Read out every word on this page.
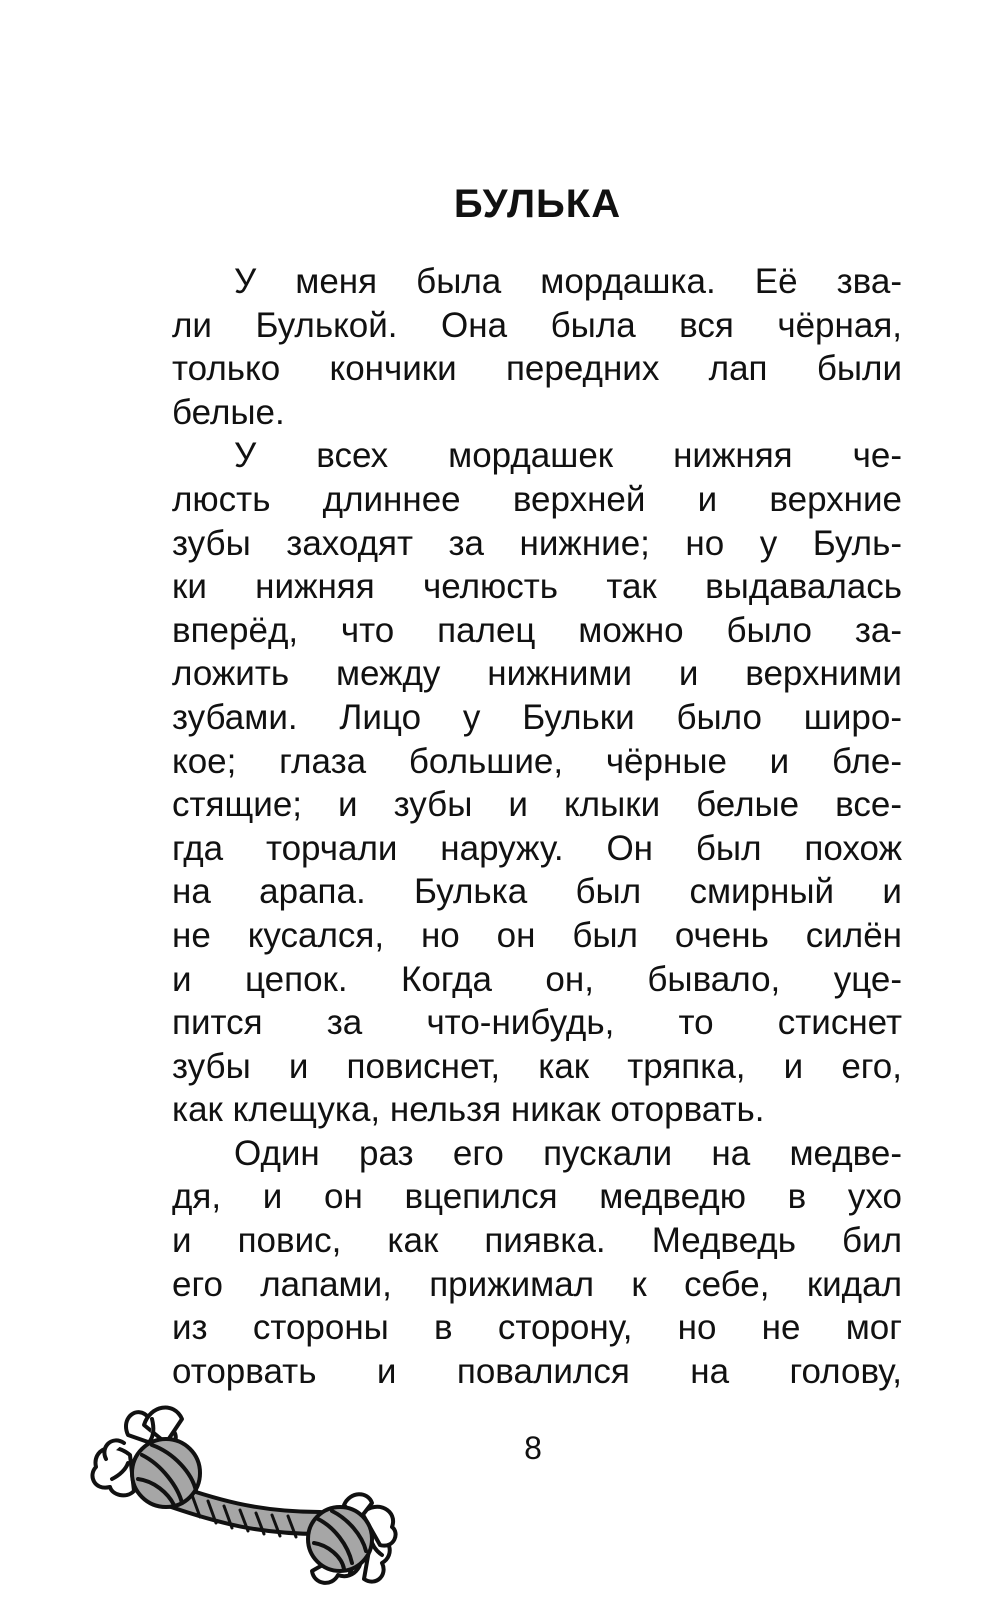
БУЛЬКА
У меня была мордашка. Её зва-
ли Булькой. Она была вся чёрная,
только кончики передних лап были
белые.
У всех мордашек нижняя че-
люсть длиннее верхней и верхние
зубы заходят за нижние; но у Буль-
ки нижняя челюсть так выдавалась
вперёд, что палец можно было за-
ложить между нижними и верхними
зубами. Лицо у Бульки было широ-
кое; глаза большие, чёрные и бле-
стящие; и зубы и клыки белые все-
гда торчали наружу. Он был похож
на арапа. Булька был смирный и
не кусался, но он был очень силён
и цепок. Когда он, бывало, уце-
пится за что-нибудь, то стиснет
зубы и повиснет, как тряпка, и его,
как клещука, нельзя никак оторвать.
Один раз его пускали на медве-
дя, и он вцепился медведю в ухо
и повис, как пиявка. Медведь бил
его лапами, прижимал к себе, кидал
из стороны в сторону, но не мог
оторвать и повалился на голову,
8
